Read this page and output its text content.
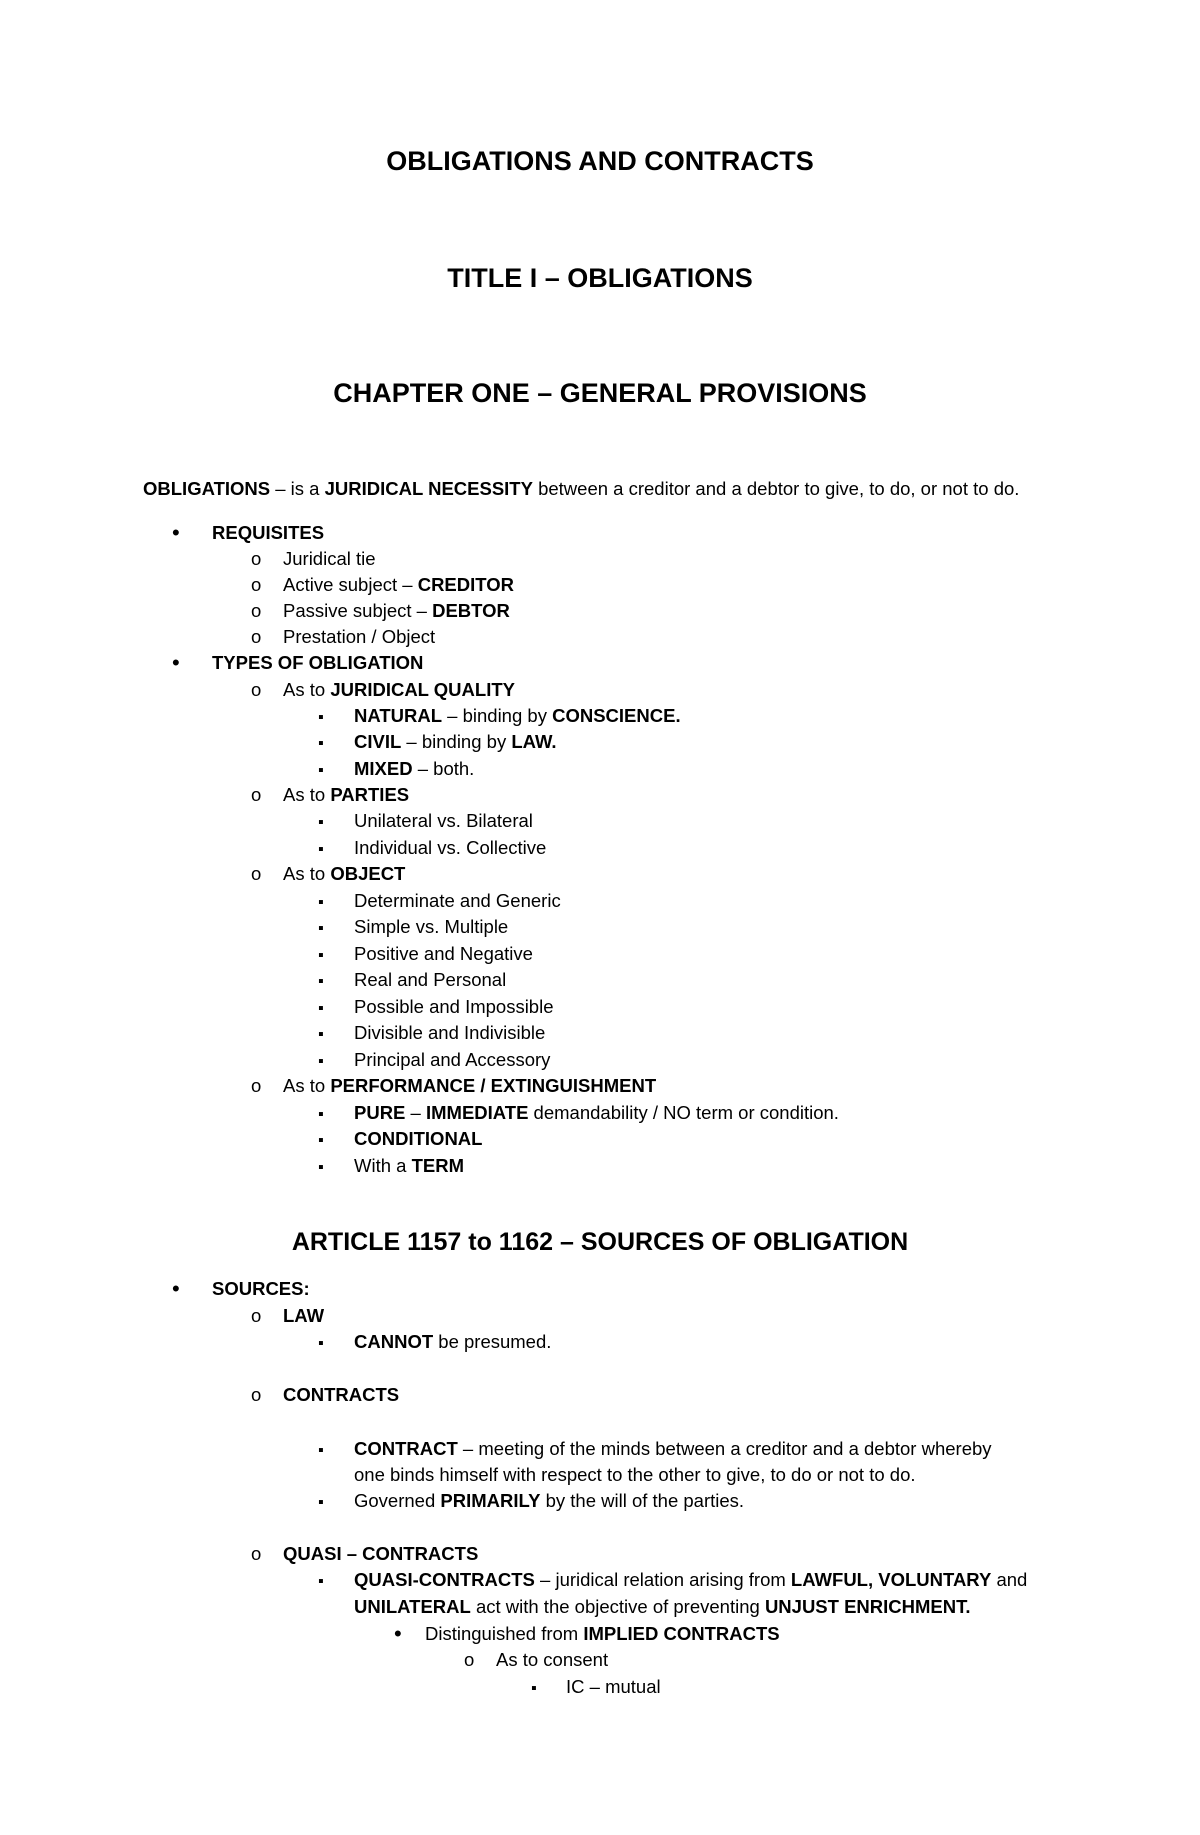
OBLIGATIONS AND CONTRACTS
TITLE I – OBLIGATIONS
CHAPTER ONE – GENERAL PROVISIONS
OBLIGATIONS – is a JURIDICAL NECESSITY between a creditor and a debtor to give, to do, or not to do.
•
REQUISITES
o
Juridical tie
o
Active subject – CREDITOR
o
Passive subject – DEBTOR
o
Prestation / Object
•
TYPES OF OBLIGATION
o
As to JURIDICAL QUALITY
▪
NATURAL – binding by CONSCIENCE.
▪
CIVIL – binding by LAW.
▪
MIXED – both.
o
As to PARTIES
▪
Unilateral vs. Bilateral
▪
Individual vs. Collective
o
As to OBJECT
▪
Determinate and Generic
▪
Simple vs. Multiple
▪
Positive and Negative
▪
Real and Personal
▪
Possible and Impossible
▪
Divisible and Indivisible
▪
Principal and Accessory
o
As to PERFORMANCE / EXTINGUISHMENT
▪
PURE – IMMEDIATE demandability / NO term or condition.
▪
CONDITIONAL
▪
With a TERM
ARTICLE 1157 to 1162 – SOURCES OF OBLIGATION
•
SOURCES:
o
LAW
▪
CANNOT be presumed.
o
CONTRACTS
▪
CONTRACT – meeting of the minds between a creditor and a debtor whereby
one binds himself with respect to the other to give, to do or not to do.
▪
Governed PRIMARILY by the will of the parties.
o
QUASI – CONTRACTS
▪
QUASI-CONTRACTS – juridical relation arising from LAWFUL, VOLUNTARY and
UNILATERAL act with the objective of preventing UNJUST ENRICHMENT.
•
Distinguished from IMPLIED CONTRACTS
o
As to consent
▪
IC – mutual
